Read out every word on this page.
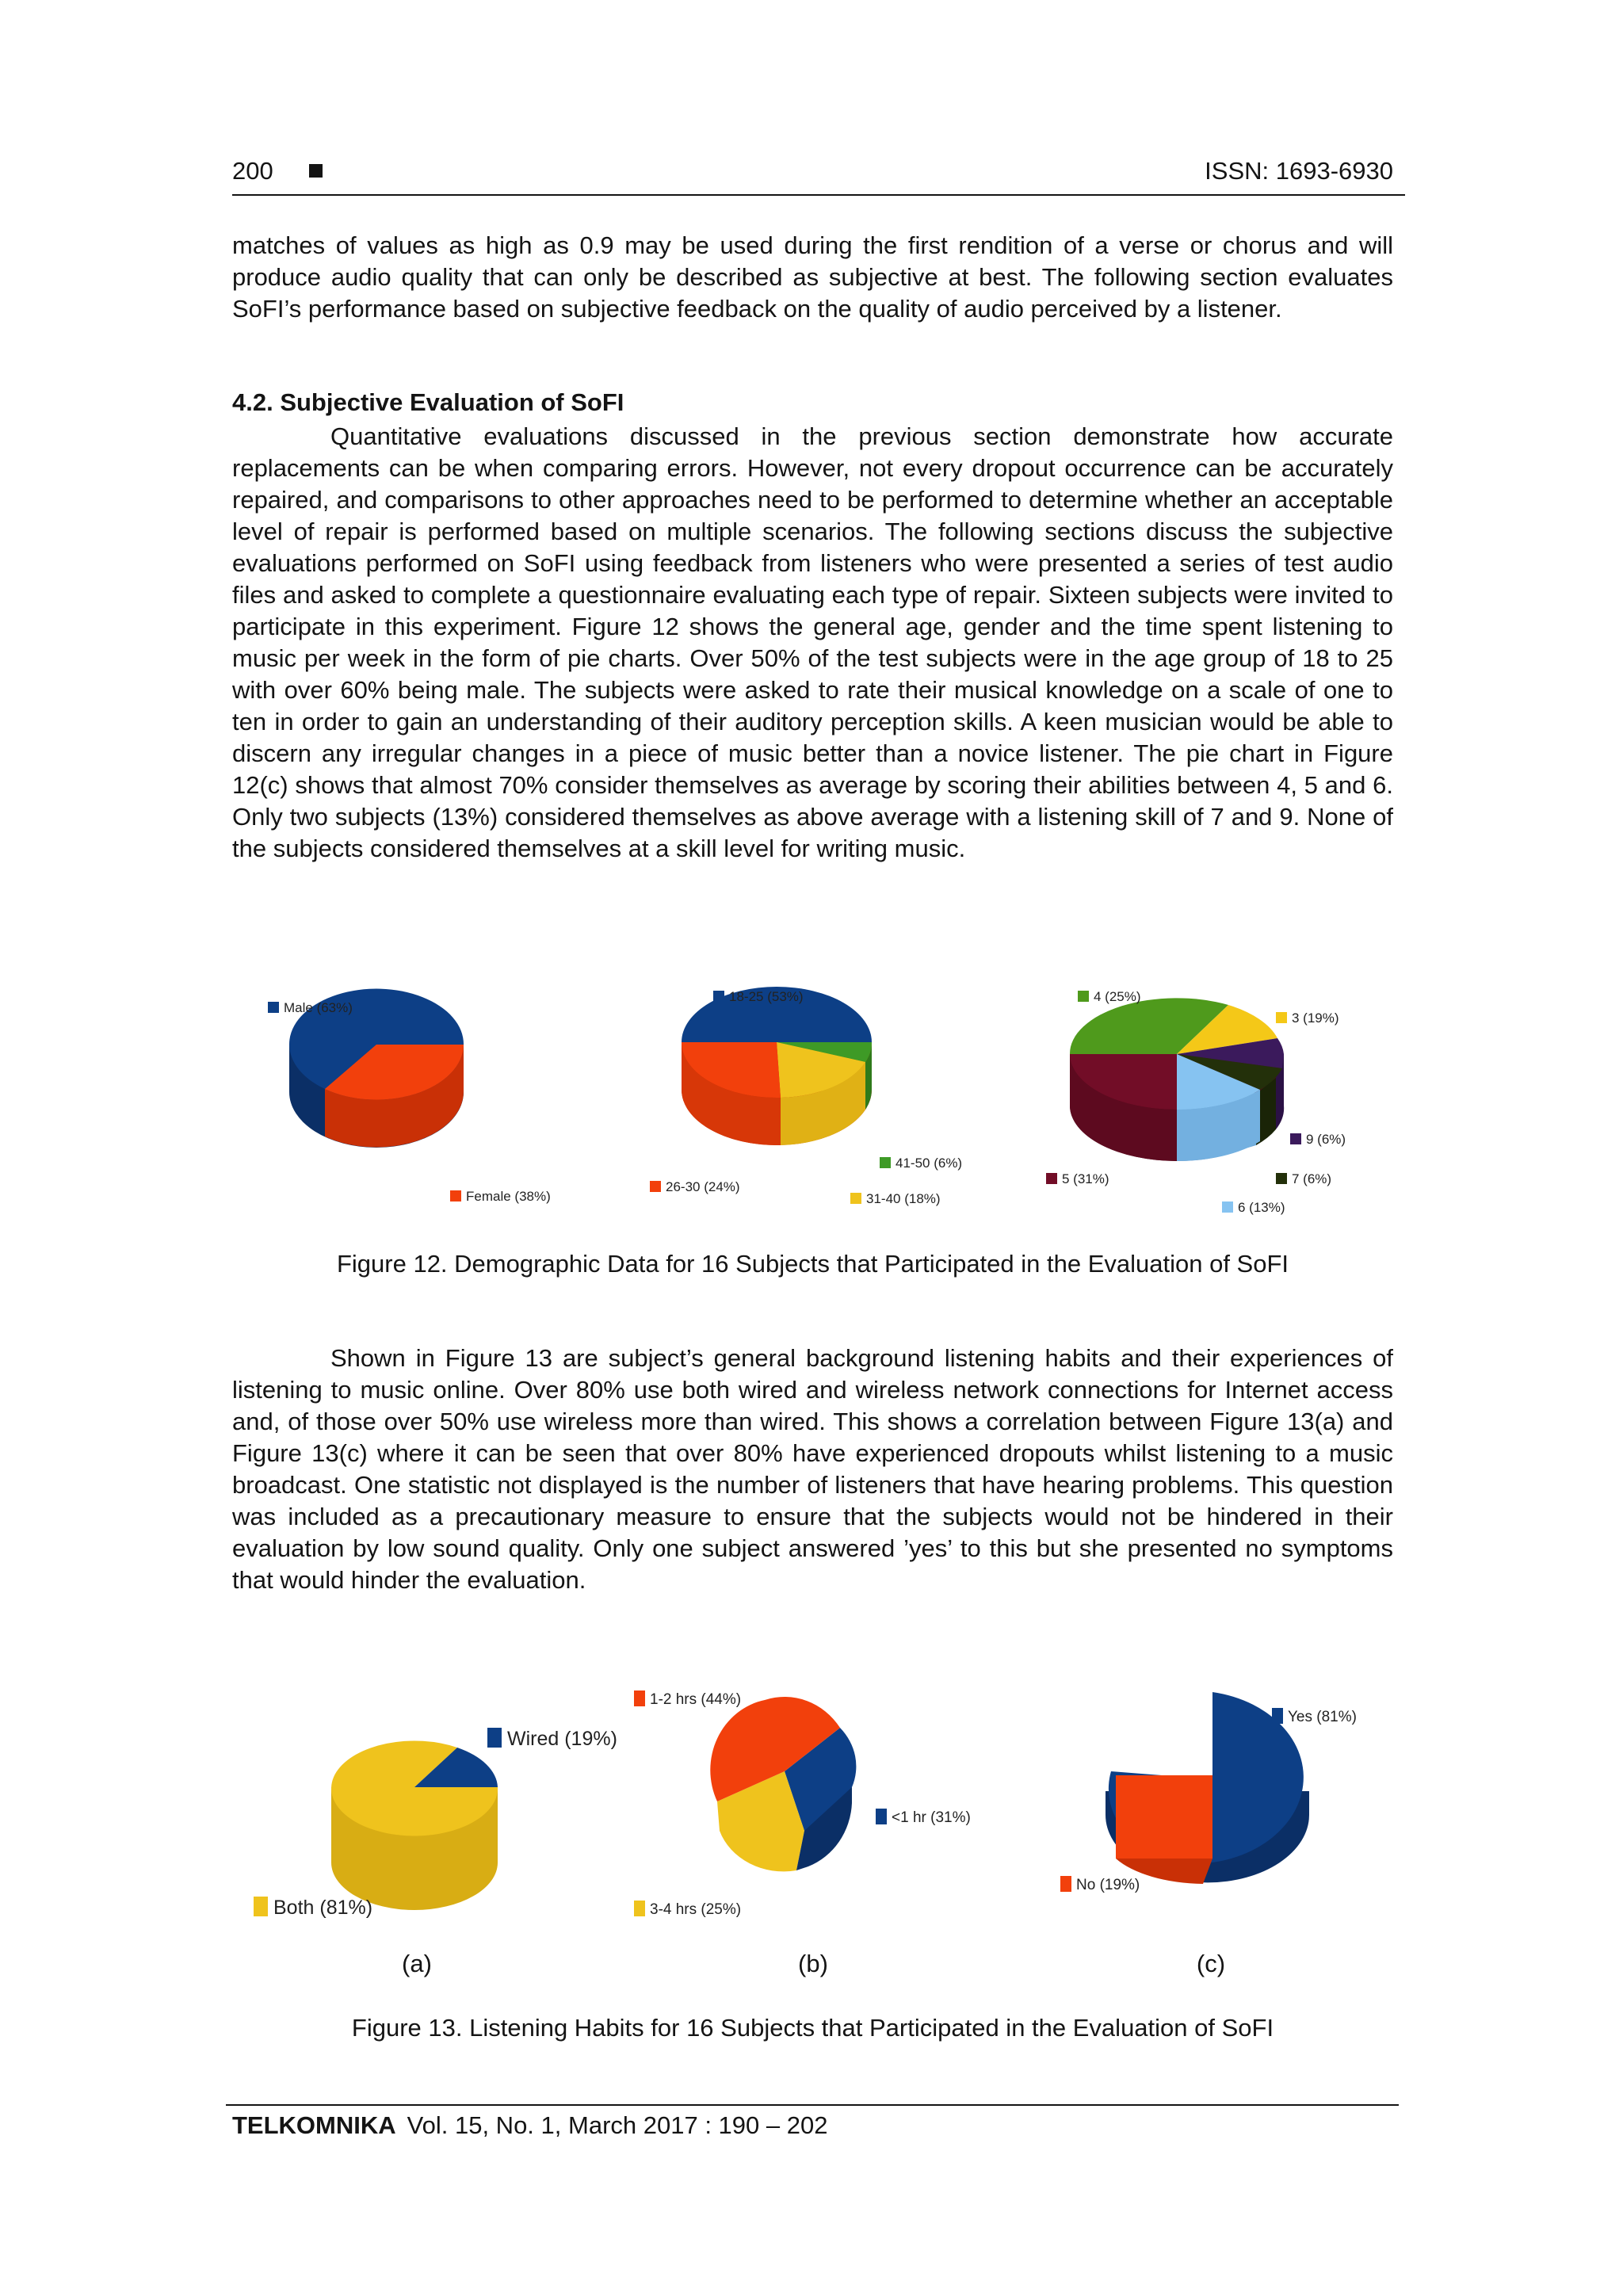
200	ISSN: 1693-6930

matches of values as high as 0.9 may be used during the first rendition of a verse or chorus and will produce audio quality that can only be described as subjective at best. The following section evaluates SoFI’s performance based on subjective feedback on the quality of audio perceived by a listener.

4.2. Subjective Evaluation of SoFI

Quantitative evaluations discussed in the previous section demonstrate how accurate replacements can be when comparing errors. However, not every dropout occurrence can be accurately repaired, and comparisons to other approaches need to be performed to determine whether an acceptable level of repair is performed based on multiple scenarios. The following sections discuss the subjective evaluations performed on SoFI using feedback from listeners who were presented a series of test audio files and asked to complete a questionnaire evaluating each type of repair. Sixteen subjects were invited to participate in this experiment. Figure 12 shows the general age, gender and the time spent listening to music per week in the form of pie charts. Over 50% of the test subjects were in the age group of 18 to 25 with over 60% being male. The subjects were asked to rate their musical knowledge on a scale of one to ten in order to gain an understanding of their auditory perception skills. A keen musician would be able to discern any irregular changes in a piece of music better than a novice listener. The pie chart in Figure 12(c) shows that almost 70% consider themselves as average by scoring their abilities between 4, 5 and 6. Only two subjects (13%) considered themselves as above average with a listening skill of 7 and 9. None of the subjects considered themselves at a skill level for writing music.

Male (63%)
Female (38%)
18-25 (53%)
41-50 (6%)
31-40 (18%)
26-30 (24%)
4 (25%)
3 (19%)
9 (6%)
7 (6%)
6 (13%)
5 (31%)
Figure 12. Demographic Data for 16 Subjects that Participated in the Evaluation of SoFI

Shown in Figure 13 are subject’s general background listening habits and their experiences of listening to music online. Over 80% use both wired and wireless network connections for Internet access and, of those over 50% use wireless more than wired. This shows a correlation between Figure 13(a) and Figure 13(c) where it can be seen that over 80% have experienced dropouts whilst listening to a music broadcast. One statistic not displayed is the number of listeners that have hearing problems. This question was included as a precautionary measure to ensure that the subjects would not be hindered in their evaluation by low sound quality. Only one subject answered ’yes’ to this but she presented no symptoms that would hinder the evaluation.

Wired (19%)
Both (81%)
1-2 hrs (44%)
<1 hr (31%)
3-4 hrs (25%)
Yes (81%)
No (19%)
(a)	(b)	(c)
Figure 13. Listening Habits for 16 Subjects that Participated in the Evaluation of SoFI
TELKOMNIKA Vol. 15, No. 1, March 2017 : 190 – 202
